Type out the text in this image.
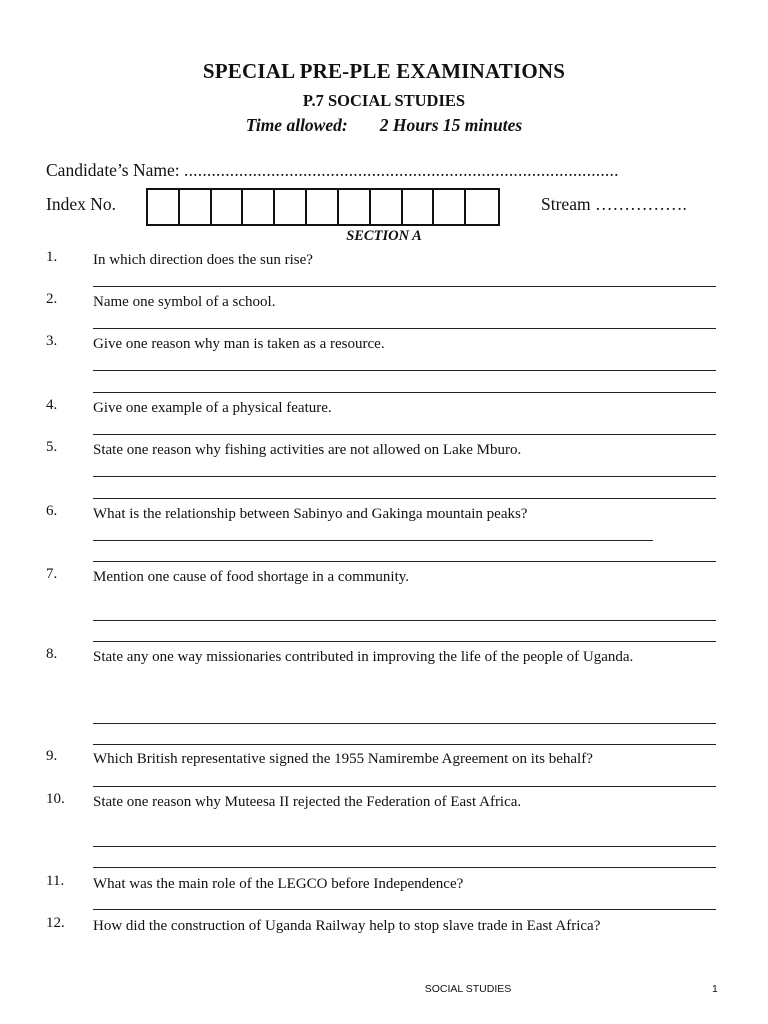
SPECIAL PRE-PLE EXAMINATIONS
P.7 SOCIAL STUDIES
Time allowed: 2 Hours 15 minutes
Candidate’s Name: ...............................................................................................
Index No.	Stream …………….
SECTION A
1. In which direction does the sun rise?
2. Name one symbol of a school.
3. Give one reason why man is taken as a resource.
4. Give one example of a physical feature.
5. State one reason why fishing activities are not allowed on Lake Mburo.
6. What is the relationship between Sabinyo and Gakinga mountain peaks?
7. Mention one cause of food shortage in a community.
8. State any one way missionaries contributed in improving the life of the people of Uganda.
9. Which British representative signed the 1955 Namirembe Agreement on its behalf?
10. State one reason why Muteesa II rejected the Federation of East Africa.
11. What was the main role of the LEGCO before Independence?
12. How did the construction of Uganda Railway help to stop slave trade in East Africa?
SOCIAL STUDIES	1
